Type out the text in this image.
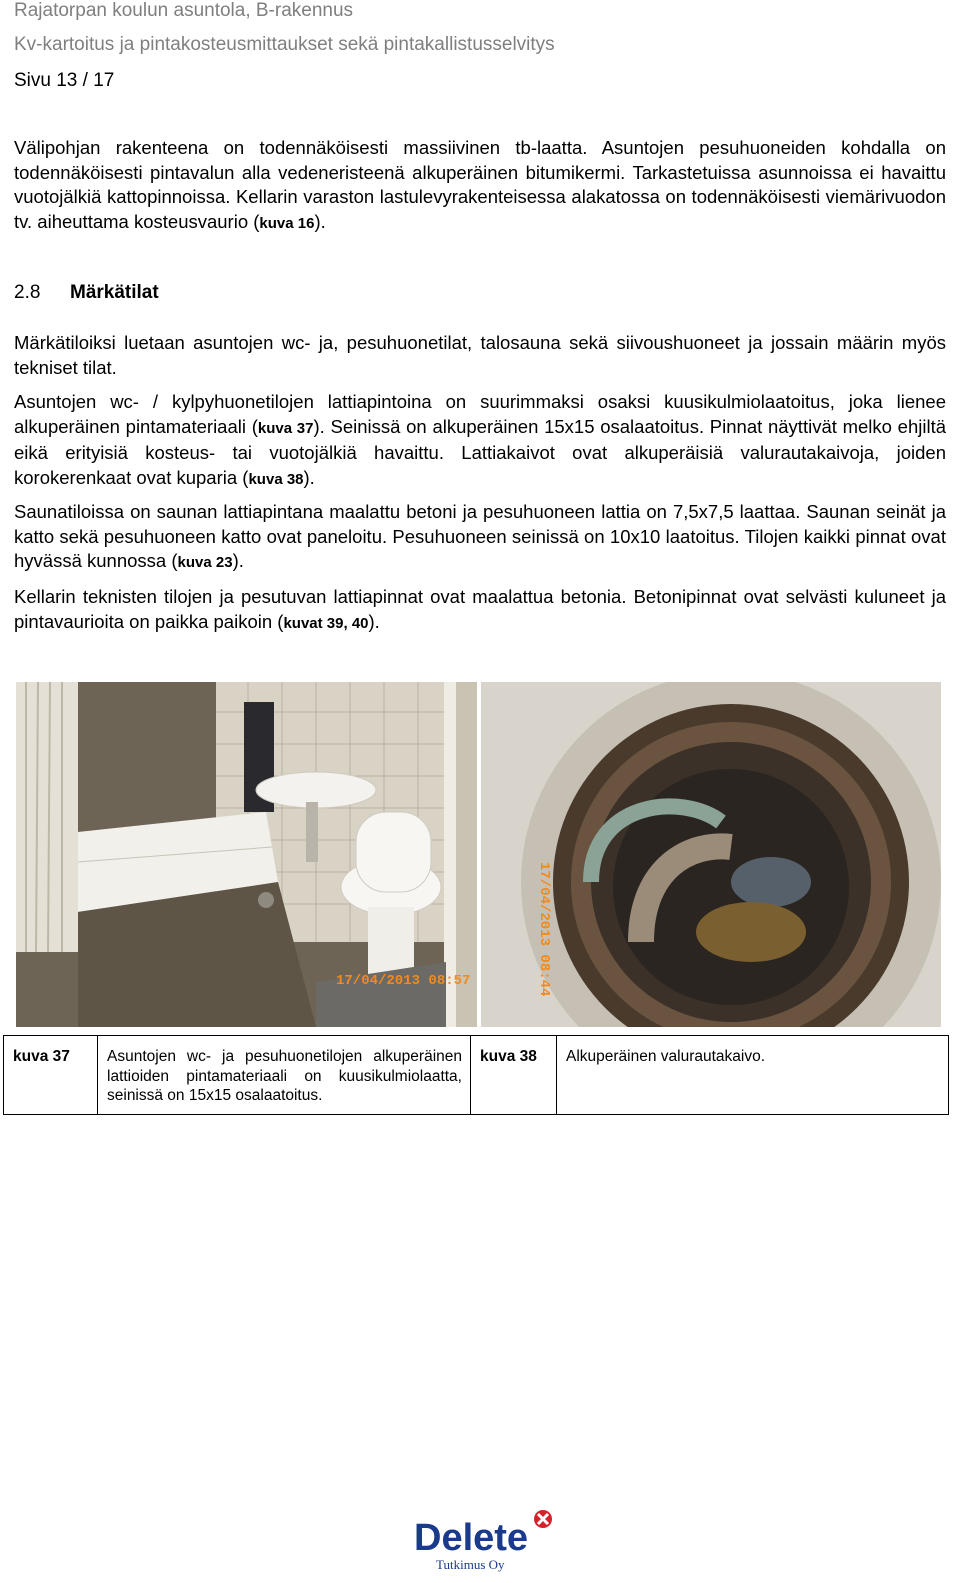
Rajatorpan koulun asuntola, B-rakennus
Kv-kartoitus ja pintakosteusmittaukset sekä pintakallistusselvitys
Sivu 13 / 17

Välipohjan rakenteena on todennäköisesti massiivinen tb-laatta. Asuntojen pesuhuoneiden kohdalla on todennäköisesti pintavalun alla vedeneristeenä alkuperäinen bitumikermi. Tarkastetuissa asunnoissa ei havaittu vuotojälkiä kattopinnoissa. Kellarin varaston lastulevyrakenteisessa alakatossa on todennäköisesti viemärivuodon tv. aiheuttama kosteusvaurio (kuva 16).

2.8 Märkätilat

Märkätiloiksi luetaan asuntojen wc- ja, pesuhuonetilat, talosauna sekä siivoushuoneet ja jossain määrin myös tekniset tilat.

Asuntojen wc- / kylpyhuonetilojen lattiapintoina on suurimmaksi osaksi kuusikulmiolaatoitus, joka lienee alkuperäinen pintamateriaali (kuva 37). Seinissä on alkuperäinen 15x15 osalaatoitus. Pinnat näyttivät melko ehjiltä eikä erityisiä kosteus- tai vuotojälkiä havaittu. Lattiakaivot ovat alkuperäisiä valurautakaivoja, joiden korokerenkaat ovat kuparia (kuva 38).

Saunatiloissa on saunan lattiapintana maalattu betoni ja pesuhuoneen lattia on 7,5x7,5 laattaa. Saunan seinät ja katto sekä pesuhuoneen katto ovat paneloitu. Pesuhuoneen seinissä on 10x10 laatoitus. Tilojen kaikki pinnat ovat hyvässä kunnossa (kuva 23).

Kellarin teknisten tilojen ja pesutuvan lattiapinnat ovat maalattua betonia. Betonipinnat ovat selvästi kuluneet ja pintavaurioita on paikka paikoin (kuvat 39, 40).

17/04/2013 08:57	17/04/2013 08:44
kuva 37	Asuntojen wc- ja pesuhuonetilojen alkuperäinen lattioiden pintamateriaali on kuusikulmiolaatta, seinissä on 15x15 osalaatoitus.	kuva 38	Alkuperäinen valurautakaivo.
Delete
Tutkimus Oy
